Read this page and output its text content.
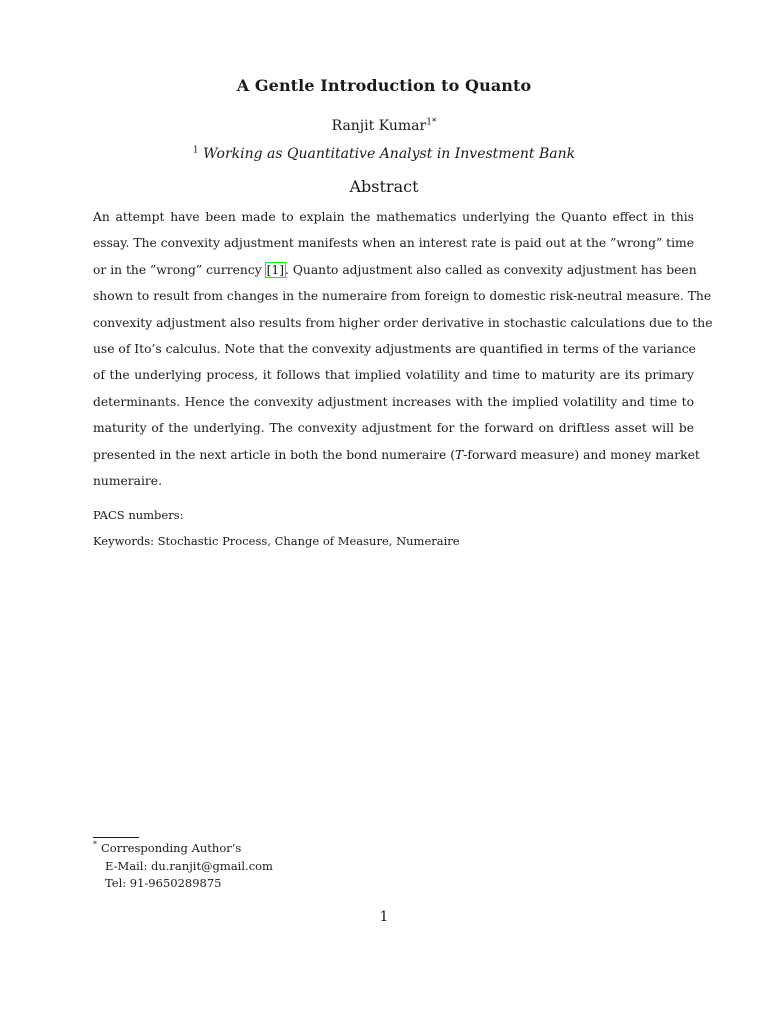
A Gentle Introduction to Quanto
Ranjit Kumar$^{1*}$
$^1$ Working as Quantitative Analyst in Investment Bank
Abstract
An attempt have been made to explain the mathematics underlying the Quanto effect in this
essay. The convexity adjustment manifests when an interest rate is paid out at the ”wrong” time
or in the ”wrong” currency [1]. Quanto adjustment also called as convexity adjustment has been
shown to result from changes in the numeraire from foreign to domestic risk-neutral measure. The
convexity adjustment also results from higher order derivative in stochastic calculations due to the
use of Ito’s calculus. Note that the convexity adjustments are quantified in terms of the variance
of the underlying process, it follows that implied volatility and time to maturity are its primary
determinants. Hence the convexity adjustment increases with the implied volatility and time to
maturity of the underlying. The convexity adjustment for the forward on driftless asset will be
presented in the next article in both the bond numeraire (T-forward measure) and money market
numeraire.
PACS numbers:
Keywords: Stochastic Process, Change of Measure, Numeraire
* Corresponding Author’s
E-Mail: du.ranjit@gmail.com
Tel: 91-9650289875
1
